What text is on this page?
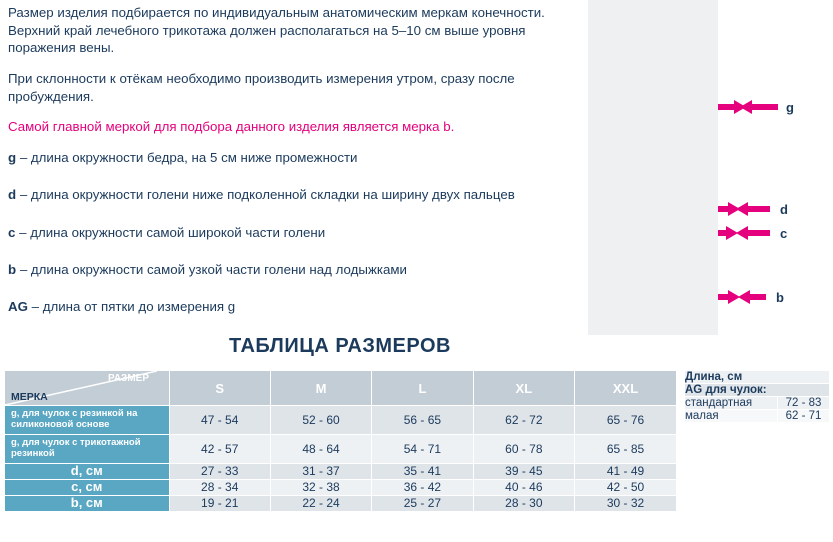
Размер изделия подбирается по индивидуальным анатомическим меркам конечности. Верхний край лечебного трикотажа должен располагаться на 5–10 см выше уровня поражения вены.

При склонности к отёкам необходимо производить измерения утром, сразу после пробуждения.

Самой главной меркой для подбора данного изделия является мерка b.

g – длина окружности бедра, на 5 см ниже промежности

d – длина окружности голени ниже подколенной складки на ширину двух пальцев

c – длина окружности самой широкой части голени

b – длина окружности самой узкой части голени над лодыжками

AG – длина от пятки до измерения g

g
d
c
b
ТАБЛИЦА РАЗМЕРОВ
РАЗМЕР
МЕРКА	S	M	L	XL	XXL
g, для чулок с резинкой на силиконовой основе	47 - 54	52 - 60	56 - 65	62 - 72	65 - 76
g, для чулок с трикотажной резинкой	42 - 57	48 - 64	54 - 71	60 - 78	65 - 85
d, см	27 - 33	31 - 37	35 - 41	39 - 45	41 - 49
c, см	28 - 34	32 - 38	36 - 42	40 - 46	42 - 50
b, см	19 - 21	22 - 24	25 - 27	28 - 30	30 - 32
Длина, см	
AG для чулок:	
стандартная	72 - 83
малая	62 - 71
